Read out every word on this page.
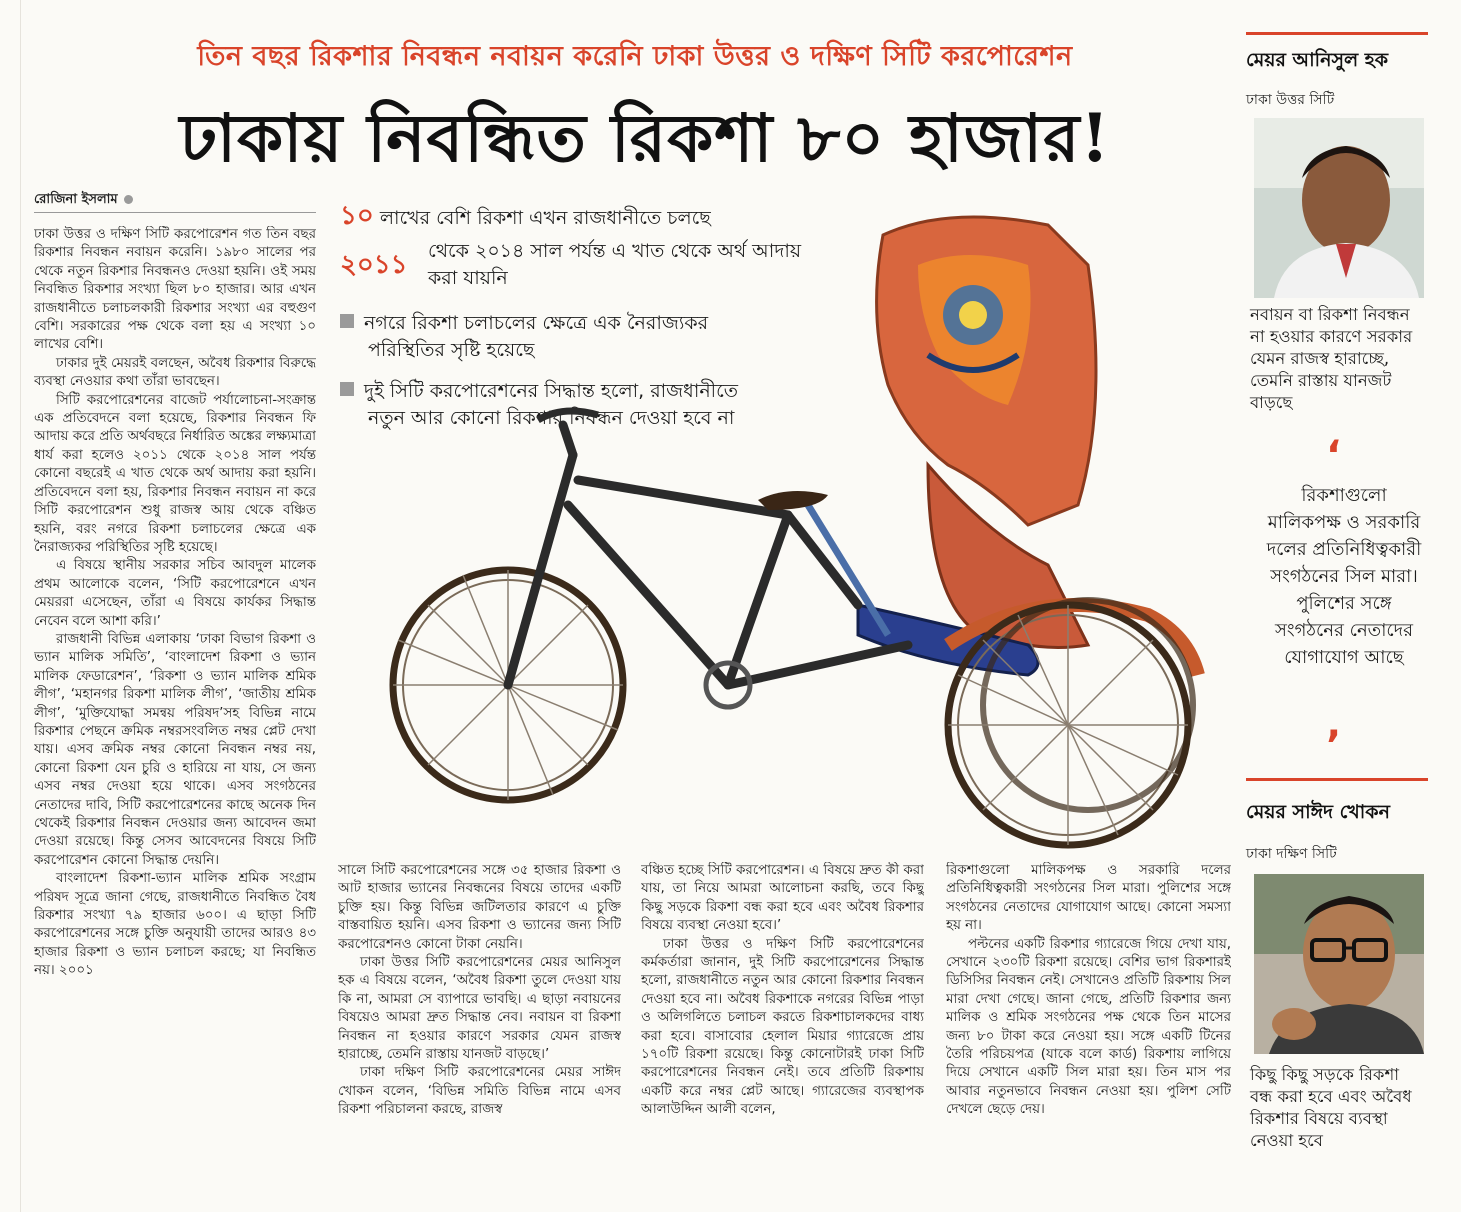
তিন বছর রিকশার নিবন্ধন নবায়ন করেনি ঢাকা উত্তর ও দক্ষিণ সিটি করপোরেশন
ঢাকায় নিবন্ধিত রিকশা ৮০ হাজার!
রোজিনা ইসলাম

ঢাকা উত্তর ও দক্ষিণ সিটি করপোরেশন গত তিন বছর রিকশার নিবন্ধন নবায়ন করেনি। ১৯৮০ সালের পর থেকে নতুন রিকশার নিবন্ধনও দেওয়া হয়নি। ওই সময় নিবন্ধিত রিকশার সংখ্যা ছিল ৮০ হাজার। আর এখন রাজধানীতে চলাচলকারী রিকশার সংখ্যা এর বহুগুণ বেশি। সরকারের পক্ষ থেকে বলা হয় এ সংখ্যা ১০ লাখের বেশি।

ঢাকার দুই মেয়রই বলছেন, অবৈধ রিকশার বিরুদ্ধে ব্যবস্থা নেওয়ার কথা তাঁরা ভাবছেন।

সিটি করপোরেশনের বাজেট পর্যালোচনা-সংক্রান্ত এক প্রতিবেদনে বলা হয়েছে, রিকশার নিবন্ধন ফি আদায় করে প্রতি অর্থবছরে নির্ধারিত অঙ্কের লক্ষ্যমাত্রা ধার্য করা হলেও ২০১১ থেকে ২০১৪ সাল পর্যন্ত কোনো বছরেই এ খাত থেকে অর্থ আদায় করা হয়নি। প্রতিবেদনে বলা হয়, রিকশার নিবন্ধন নবায়ন না করে সিটি করপোরেশন শুধু রাজস্ব আয় থেকে বঞ্চিত হয়নি, বরং নগরে রিকশা চলাচলের ক্ষেত্রে এক নৈরাজ্যকর পরিস্থিতির সৃষ্টি হয়েছে।

এ বিষয়ে স্থানীয় সরকার সচিব আবদুল মালেক প্রথম আলোকে বলেন, ‘সিটি করপোরেশনে এখন মেয়ররা এসেছেন, তাঁরা এ বিষয়ে কার্যকর সিদ্ধান্ত নেবেন বলে আশা করি।’

রাজধানী বিভিন্ন এলাকায় ‘ঢাকা বিভাগ রিকশা ও ভ্যান মালিক সমিতি’, ‘বাংলাদেশ রিকশা ও ভ্যান মালিক ফেডারেশন’, ‘রিকশা ও ভ্যান মালিক শ্রমিক লীগ’, ‘মহানগর রিকশা মালিক লীগ’, ‘জাতীয় শ্রমিক লীগ’, ‘মুক্তিযোদ্ধা সমন্বয় পরিষদ’সহ বিভিন্ন নামে রিকশার পেছনে ক্রমিক নম্বরসংবলিত নম্বর প্লেট দেখা যায়। এসব ক্রমিক নম্বর কোনো নিবন্ধন নম্বর নয়, কোনো রিকশা যেন চুরি ও হারিয়ে না যায়, সে জন্য এসব নম্বর দেওয়া হয়ে থাকে। এসব সংগঠনের নেতাদের দাবি, সিটি করপোরেশনের কাছে অনেক দিন থেকেই রিকশার নিবন্ধন দেওয়ার জন্য আবেদন জমা দেওয়া রয়েছে। কিন্তু সেসব আবেদনের বিষয়ে সিটি করপোরেশন কোনো সিদ্ধান্ত দেয়নি।

বাংলাদেশ রিকশা-ভ্যান মালিক শ্রমিক সংগ্রাম পরিষদ সূত্রে জানা গেছে, রাজধানীতে নিবন্ধিত বৈধ রিকশার সংখ্যা ৭৯ হাজার ৬০০। এ ছাড়া সিটি করপোরেশনের সঙ্গে চুক্তি অনুযায়ী তাদের আরও ৪৩ হাজার রিকশা ও ভ্যান চলাচল করছে; যা নিবন্ধিত নয়। ২০০১

১০ লাখের বেশি রিকশা এখন রাজধানীতে চলছে
২০১১ থেকে ২০১৪ সাল পর্যন্ত এ খাত থেকে অর্থ আদায় করা যায়নি
নগরে রিকশা চলাচলের ক্ষেত্রে এক নৈরাজ্যকর
পরিস্থিতির সৃষ্টি হয়েছে
দুই সিটি করপোরেশনের সিদ্ধান্ত হলো, রাজধানীতে
নতুন আর কোনো রিকশার নিবন্ধন দেওয়া হবে না

সালে সিটি করপোরেশনের সঙ্গে ৩৫ হাজার রিকশা ও আট হাজার ভ্যানের নিবন্ধনের বিষয়ে তাদের একটি চুক্তি হয়। কিন্তু বিভিন্ন জটিলতার কারণে এ চুক্তি বাস্তবায়িত হয়নি। এসব রিকশা ও ভ্যানের জন্য সিটি করপোরেশনও কোনো টাকা নেয়নি।

ঢাকা উত্তর সিটি করপোরেশনের মেয়র আনিসুল হক এ বিষয়ে বলেন, ‘অবৈধ রিকশা তুলে দেওয়া যায় কি না, আমরা সে ব্যাপারে ভাবছি। এ ছাড়া নবায়নের বিষয়েও আমরা দ্রুত সিদ্ধান্ত নেব। নবায়ন বা রিকশা নিবন্ধন না হওয়ার কারণে সরকার যেমন রাজস্ব হারাচ্ছে, তেমনি রাস্তায় যানজট বাড়ছে।’

ঢাকা দক্ষিণ সিটি করপোরেশনের মেয়র সাঈদ খোকন বলেন, ‘বিভিন্ন সমিতি বিভিন্ন নামে এসব রিকশা পরিচালনা করছে, রাজস্ব

বঞ্চিত হচ্ছে সিটি করপোরেশন। এ বিষয়ে দ্রুত কী করা যায়, তা নিয়ে আমরা আলোচনা করছি, তবে কিছু কিছু সড়কে রিকশা বন্ধ করা হবে এবং অবৈধ রিকশার বিষয়ে ব্যবস্থা নেওয়া হবে।’

ঢাকা উত্তর ও দক্ষিণ সিটি করপোরেশনের কর্মকর্তারা জানান, দুই সিটি করপোরেশনের সিদ্ধান্ত হলো, রাজধানীতে নতুন আর কোনো রিকশার নিবন্ধন দেওয়া হবে না। অবৈধ রিকশাকে নগরের বিভিন্ন পাড়া ও অলিগলিতে চলাচল করতে রিকশাচালকদের বাধ্য করা হবে। বাসাবোর হেলাল মিয়ার গ্যারেজে প্রায় ১৭০টি রিকশা রয়েছে। কিন্তু কোনোটারই ঢাকা সিটি করপোরেশনের নিবন্ধন নেই। তবে প্রতিটি রিকশায় একটি করে নম্বর প্লেট আছে। গ্যারেজের ব্যবস্থাপক আলাউদ্দিন আলী বলেন,

রিকশাগুলো মালিকপক্ষ ও সরকারি দলের প্রতিনিধিত্বকারী সংগঠনের সিল মারা। পুলিশের সঙ্গে সংগঠনের নেতাদের যোগাযোগ আছে। কোনো সমস্যা হয় না।

পল্টনের একটি রিকশার গ্যারেজে গিয়ে দেখা যায়, সেখানে ২৩০টি রিকশা রয়েছে। বেশির ভাগ রিকশারই ডিসিসির নিবন্ধন নেই। সেখানেও প্রতিটি রিকশায় সিল মারা দেখা গেছে। জানা গেছে, প্রতিটি রিকশার জন্য মালিক ও শ্রমিক সংগঠনের পক্ষ থেকে তিন মাসের জন্য ৮০ টাকা করে নেওয়া হয়। সঙ্গে একটি টিনের তৈরি পরিচয়পত্র (যাকে বলে কার্ড) রিকশায় লাগিয়ে দিয়ে সেখানে একটি সিল মারা হয়। তিন মাস পর আবার নতুনভাবে নিবন্ধন নেওয়া হয়। পুলিশ সেটি দেখলে ছেড়ে দেয়।

মেয়র আনিসুল হক
ঢাকা উত্তর সিটি
নবায়ন বা রিকশা নিবন্ধন না হওয়ার কারণে সরকার যেমন রাজস্ব হারাচ্ছে, তেমনি রাস্তায় যানজট বাড়ছে
‘
রিকশাগুলো মালিকপক্ষ ও সরকারি দলের প্রতিনিধিত্বকারী সংগঠনের সিল মারা। পুলিশের সঙ্গে সংগঠনের নেতাদের যোগাযোগ আছে
’
মেয়র সাঈদ খোকন
ঢাকা দক্ষিণ সিটি
কিছু কিছু সড়কে রিকশা বন্ধ করা হবে এবং অবৈধ রিকশার বিষয়ে ব্যবস্থা নেওয়া হবে
